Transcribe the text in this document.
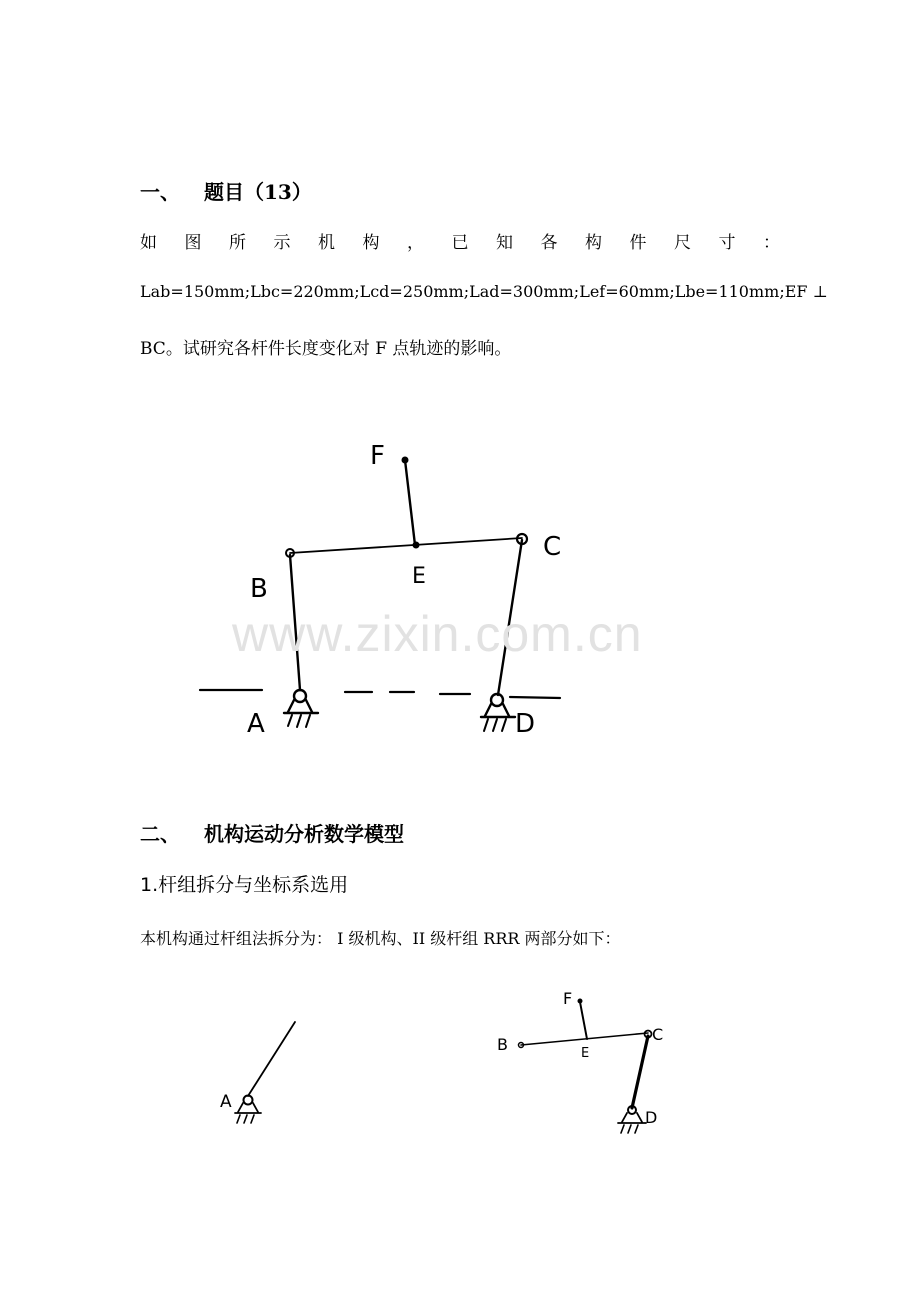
一、 题目（13）
如 图 所 示 机 构 ， 已 知 各 构 件 尺 寸 ：
Lab=150mm;Lbc=220mm;Lcd=250mm;Lad=300mm;Lef=60mm;Lbe=110mm;EF ⊥
BC。试研究各杆件长度变化对 F 点轨迹的影响。
A
B
C
D
E
F
www.zixin.com.cn
二、 机构运动分析数学模型
1.杆组拆分与坐标系选用
本机构通过杆组法拆分为： I 级机构、II 级杆组 RRR 两部分如下：
A
B
C
D
E
F
